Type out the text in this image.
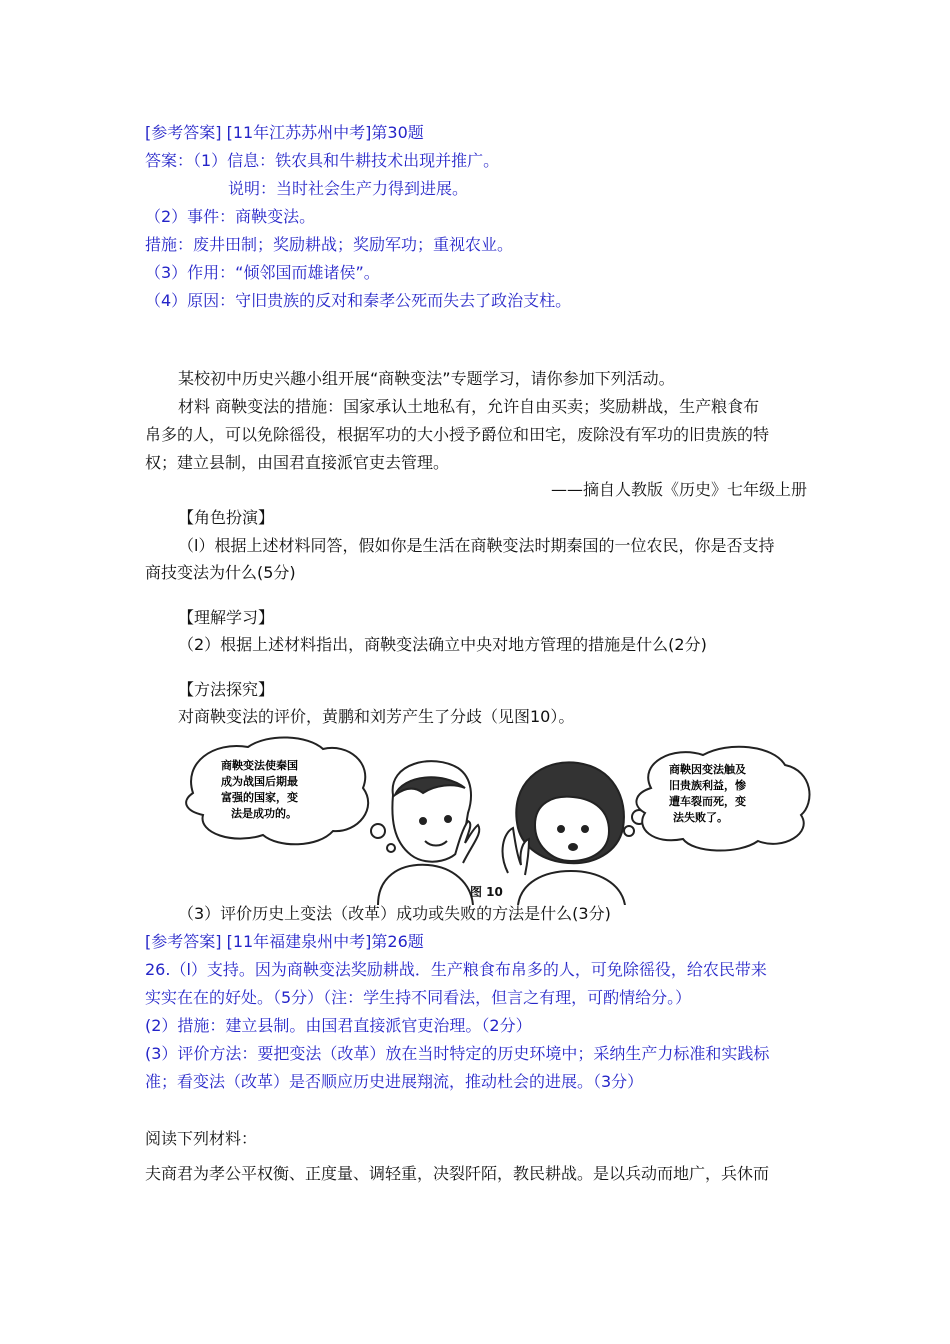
[参考答案] [11年江苏苏州中考]第30题
答案：（1）信息：铁农具和牛耕技术出现并推广。
说明：当时社会生产力得到进展。
（2）事件：商鞅变法。
措施：废井田制；奖励耕战；奖励军功；重视农业。
（3）作用：“倾邻国而雄诸侯”。
（4）原因：守旧贵族的反对和秦孝公死而失去了政治支柱。
某校初中历史兴趣小组开展“商鞅变法”专题学习，请你参加下列活动。
材料 商鞅变法的措施：国家承认土地私有，允许自由买卖；奖励耕战，生产粮食布
帛多的人，可以免除徭役，根据军功的大小授予爵位和田宅，废除没有军功的旧贵族的特
权；建立县制，由国君直接派官吏去管理。
——摘自人教版《历史》七年级上册
【角色扮演】
（l）根据上述材料同答，假如你是生活在商鞅变法时期秦国的一位农民，你是否支持
商技变法为什么(5分)
【理解学习】
（2）根据上述材料指出，商鞅变法确立中央对地方管理的措施是什么(2分)
【方法探究】
对商鞅变法的评价，黄鹏和刘芳产生了分歧（见图10）。
商鞅变法使秦国
成为战国后期最
富强的国家，变
法是成功的。
商鞅因变法触及
旧贵族利益，惨
遭车裂而死，变
法失败了。
图 10
（3）评价历史上变法（改革）成功或失败的方法是什么(3分)
[参考答案] [11年福建泉州中考]第26题
26.（l）支持。因为商鞅变法奖励耕战．生产粮食布帛多的人，可免除徭役，给农民带来
实实在在的好处。（5分）（注：学生持不同看法，但言之有理，可酌情给分。）
(2）措施：建立县制。由国君直接派官吏治理。（2分）
(3）评价方法：要把变法（改革）放在当时特定的历史环境中；采纳生产力标准和实践标
准；看变法（改革）是否顺应历史进展翔流，推动杜会的进展。（3分）
阅读下列材料：
夫商君为孝公平权衡、正度量、调轻重，决裂阡陌，教民耕战。是以兵动而地广，兵休而
